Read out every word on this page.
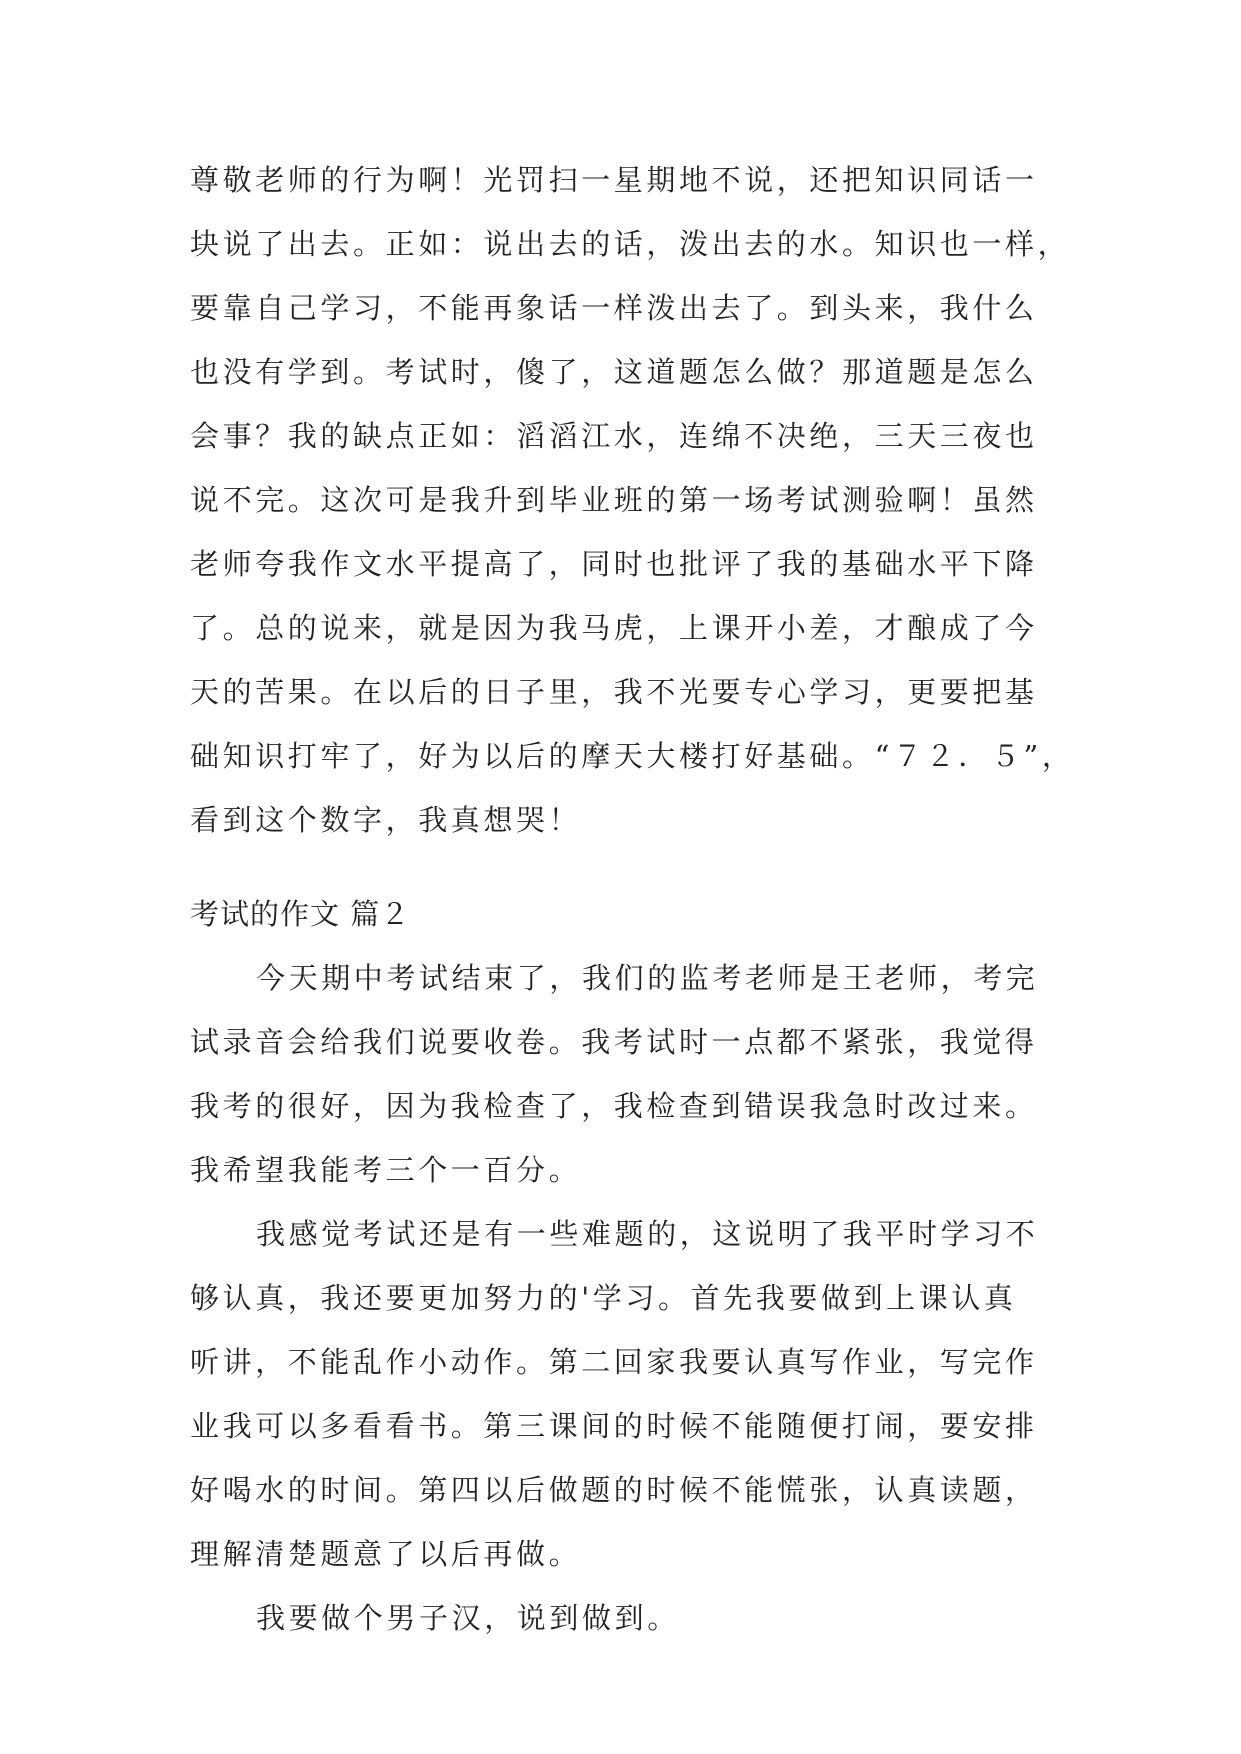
尊敬老师的行为啊！光罚扫一星期地不说，还把知识同话一
块说了出去。正如：说出去的话，泼出去的水。知识也一样，
要靠自己学习，不能再象话一样泼出去了。到头来，我什么
也没有学到。考试时，傻了，这道题怎么做？那道题是怎么
会事？我的缺点正如：滔滔江水，连绵不决绝，三天三夜也
说不完。这次可是我升到毕业班的第一场考试测验啊！虽然
老师夸我作文水平提高了，同时也批评了我的基础水平下降
了。总的说来，就是因为我马虎，上课开小差，才酿成了今
天的苦果。在以后的日子里，我不光要专心学习，更要把基
础知识打牢了，好为以后的摩天大楼打好基础。“７２．５”，
看到这个数字，我真想哭！
考试的作文 篇２
今天期中考试结束了，我们的监考老师是王老师，考完
试录音会给我们说要收卷。我考试时一点都不紧张，我觉得
我考的很好，因为我检查了，我检查到错误我急时改过来。
我希望我能考三个一百分。
我感觉考试还是有一些难题的，这说明了我平时学习不
够认真，我还要更加努力的'学习。首先我要做到上课认真
听讲，不能乱作小动作。第二回家我要认真写作业，写完作
业我可以多看看书。第三课间的时候不能随便打闹，要安排
好喝水的时间。第四以后做题的时候不能慌张，认真读题，
理解清楚题意了以后再做。
我要做个男子汉，说到做到。
